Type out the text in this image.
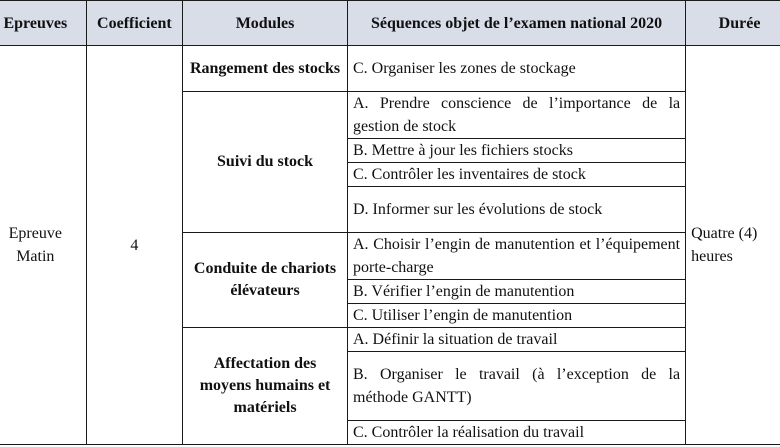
Epreuves	Coefficient	Modules	Séquences objet de l’examen national 2020	Durée
Epreuve Matin	4	Rangement des stocks	C. Organiser les zones de stockage	Quatre (4) heures
		Suivi du stock	A. Prendre conscience de l’importance de la gestion de stock	
			B. Mettre à jour les fichiers stocks	
			C. Contrôler les inventaires de stock	
			D. Informer sur les évolutions de stock	
		Conduite de chariots élévateurs	A. Choisir l’engin de manutention et l’équipement porte-charge	
			B. Vérifier l’engin de manutention	
			C. Utiliser l’engin de manutention	
		Affectation des moyens humains et matériels	A. Définir la situation de travail	
			B. Organiser le travail (à l’exception de la méthode GANTT)	
			C. Contrôler la réalisation du travail	
